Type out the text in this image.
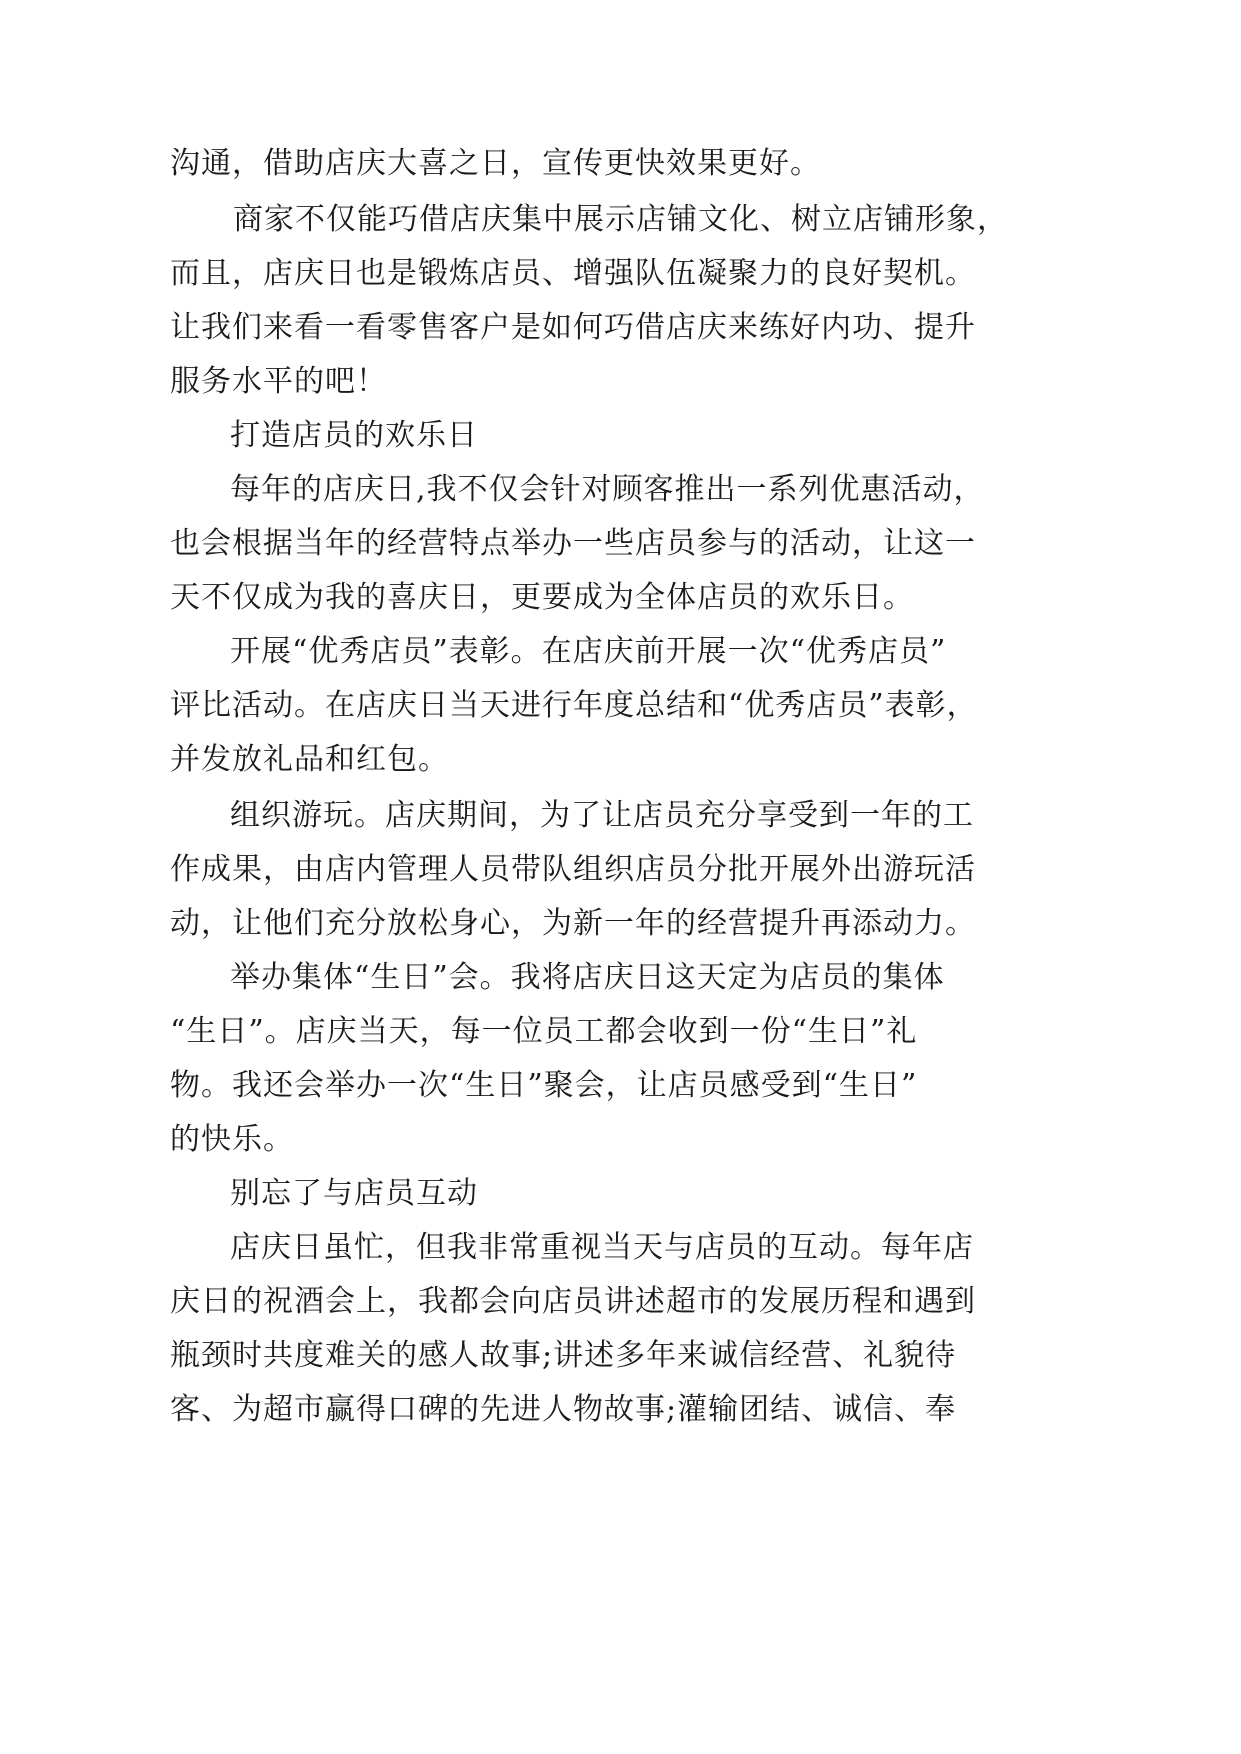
沟通，借助店庆大喜之日，宣传更快效果更好。
商家不仅能巧借店庆集中展示店铺文化、树立店铺形象，
而且，店庆日也是锻炼店员、增强队伍凝聚力的良好契机。
让我们来看一看零售客户是如何巧借店庆来练好内功、提升
服务水平的吧！
打造店员的欢乐日
每年的店庆日,我不仅会针对顾客推出一系列优惠活动，
也会根据当年的经营特点举办一些店员参与的活动，让这一
天不仅成为我的喜庆日，更要成为全体店员的欢乐日。
开展“优秀店员”表彰。在店庆前开展一次“优秀店员”
评比活动。在店庆日当天进行年度总结和“优秀店员”表彰，
并发放礼品和红包。
组织游玩。店庆期间，为了让店员充分享受到一年的工
作成果，由店内管理人员带队组织店员分批开展外出游玩活
动，让他们充分放松身心，为新一年的经营提升再添动力。
举办集体“生日”会。我将店庆日这天定为店员的集体
“生日”。店庆当天，每一位员工都会收到一份“生日”礼
物。我还会举办一次“生日”聚会，让店员感受到“生日”
的快乐。
别忘了与店员互动
店庆日虽忙，但我非常重视当天与店员的互动。每年店
庆日的祝酒会上，我都会向店员讲述超市的发展历程和遇到
瓶颈时共度难关的感人故事;讲述多年来诚信经营、礼貌待
客、为超市赢得口碑的先进人物故事;灌输团结、诚信、奉
